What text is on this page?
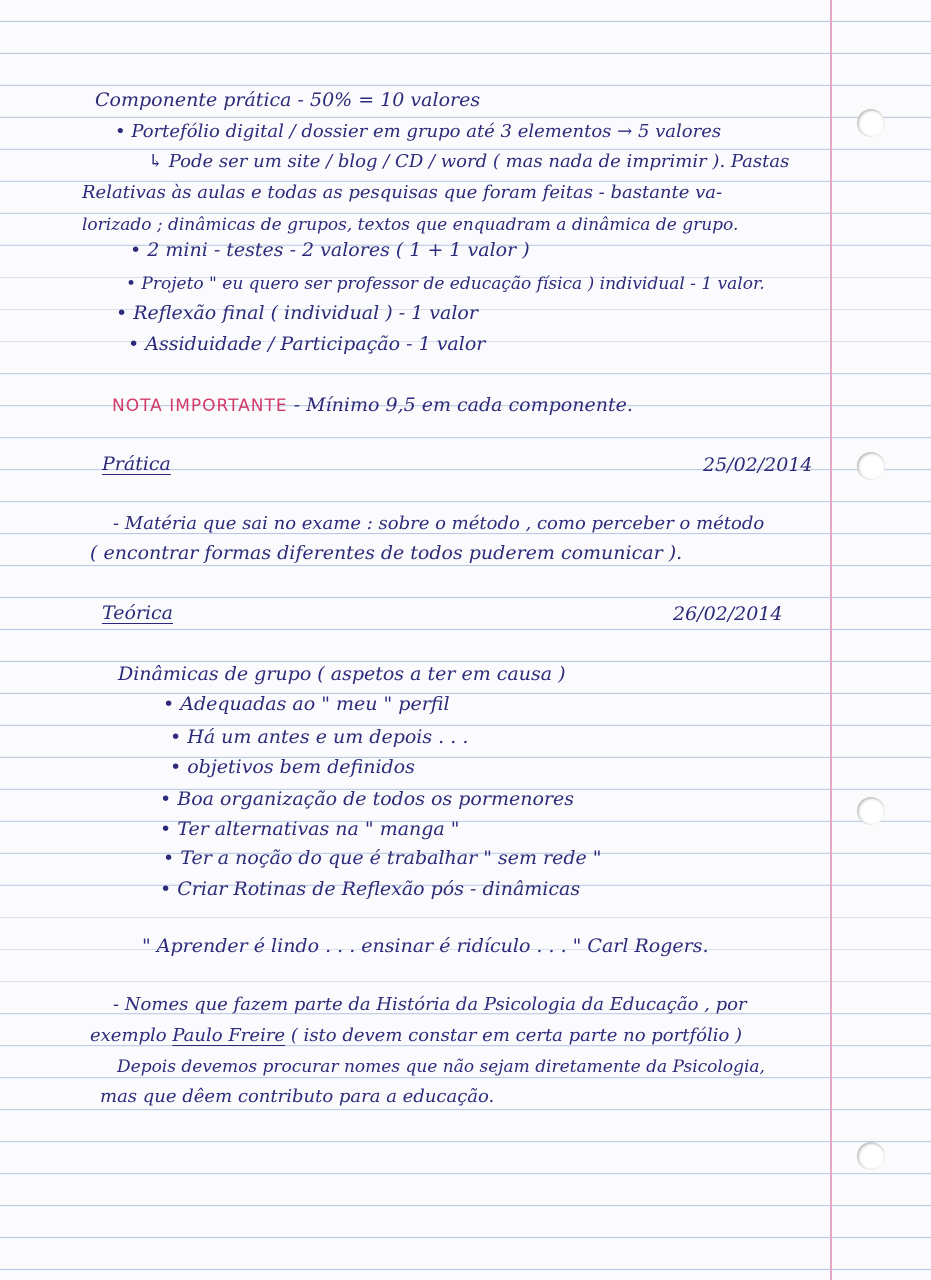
Componente prática - 50% = 10 valores
• Portefólio digital / dossier em grupo até 3 elementos → 5 valores
↳ Pode ser um site / blog / CD / word ( mas nada de imprimir ). Pastas
Relativas às aulas e todas as pesquisas que foram feitas - bastante va-
lorizado ; dinâmicas de grupos, textos que enquadram a dinâmica de grupo.
• 2 mini - testes - 2 valores ( 1 + 1 valor )
• Projeto " eu quero ser professor de educação física ) individual - 1 valor.
• Reflexão final ( individual ) - 1 valor
• Assiduidade / Participação - 1 valor
NOTA IMPORTANTE - Mínimo 9,5 em cada componente.
Prática	25/02/2014
- Matéria que sai no exame : sobre o método , como perceber o método
( encontrar formas diferentes de todos puderem comunicar ).
Teórica	26/02/2014
Dinâmicas de grupo ( aspetos a ter em causa )
• Adequadas ao " meu " perfil
• Há um antes e um depois . . .
• objetivos bem definidos
• Boa organização de todos os pormenores
• Ter alternativas na " manga "
• Ter a noção do que é trabalhar " sem rede "
• Criar Rotinas de Reflexão pós - dinâmicas
" Aprender é lindo . . . ensinar é ridículo . . . " Carl Rogers.
- Nomes que fazem parte da História da Psicologia da Educação , por
exemplo Paulo Freire ( isto devem constar em certa parte no portfólio )
Depois devemos procurar nomes que não sejam diretamente da Psicologia,
mas que dêem contributo para a educação.
